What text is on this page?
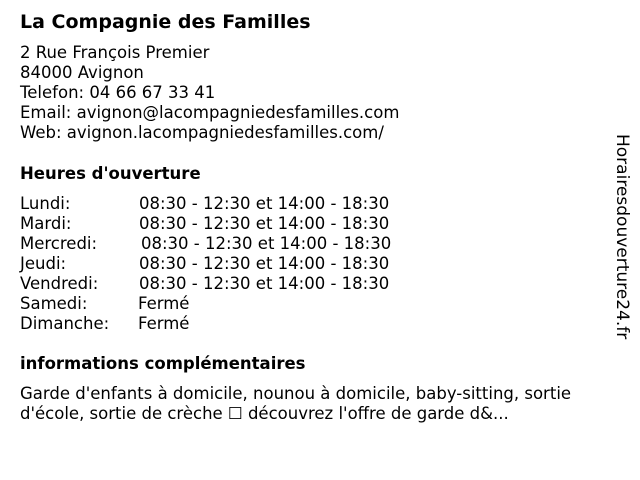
La Compagnie des Familles
2 Rue François Premier
84000 Avignon
Telefon: 04 66 67 33 41
Email: avignon@lacompagniedesfamilles.com
Web: avignon.lacompagniedesfamilles.com/
Heures d'ouverture
Lundi:	08:30 - 12:30 et 14:00 - 18:30
Mardi:	08:30 - 12:30 et 14:00 - 18:30
Mercredi:	08:30 - 12:30 et 14:00 - 18:30
Jeudi:	08:30 - 12:30 et 14:00 - 18:30
Vendredi: 08:30 - 12:30 et 14:00 - 18:30
Samedi:	Fermé
Dimanche: Fermé
informations complémentaires
Garde d'enfants à domicile, nounou à domicile, baby-sitting, sortie d'école, sortie de crèche ☐ découvrez l'offre de garde d&...
Horairesdouverture24.fr
